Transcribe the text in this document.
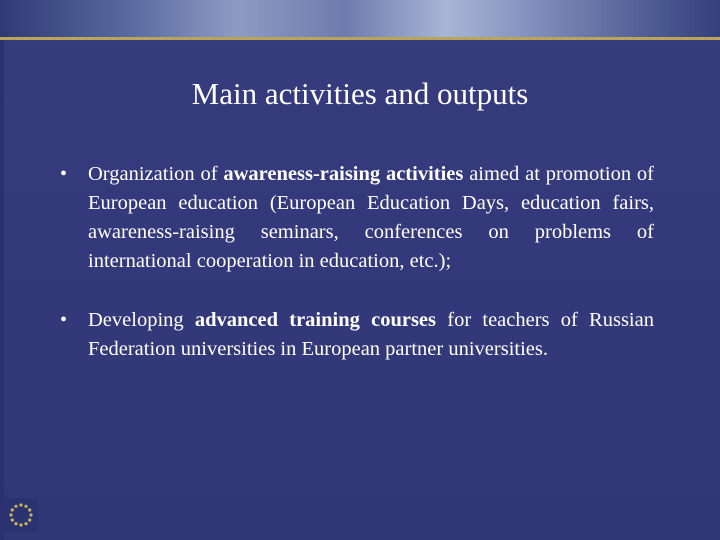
Main activities and outputs
• Organization of awareness-raising activities aimed at promotion of European education (European Education Days, education fairs, awareness-raising seminars, conferences on problems of international cooperation in education, etc.);
• Developing advanced training courses for teachers of Russian Federation universities in European partner universities.
